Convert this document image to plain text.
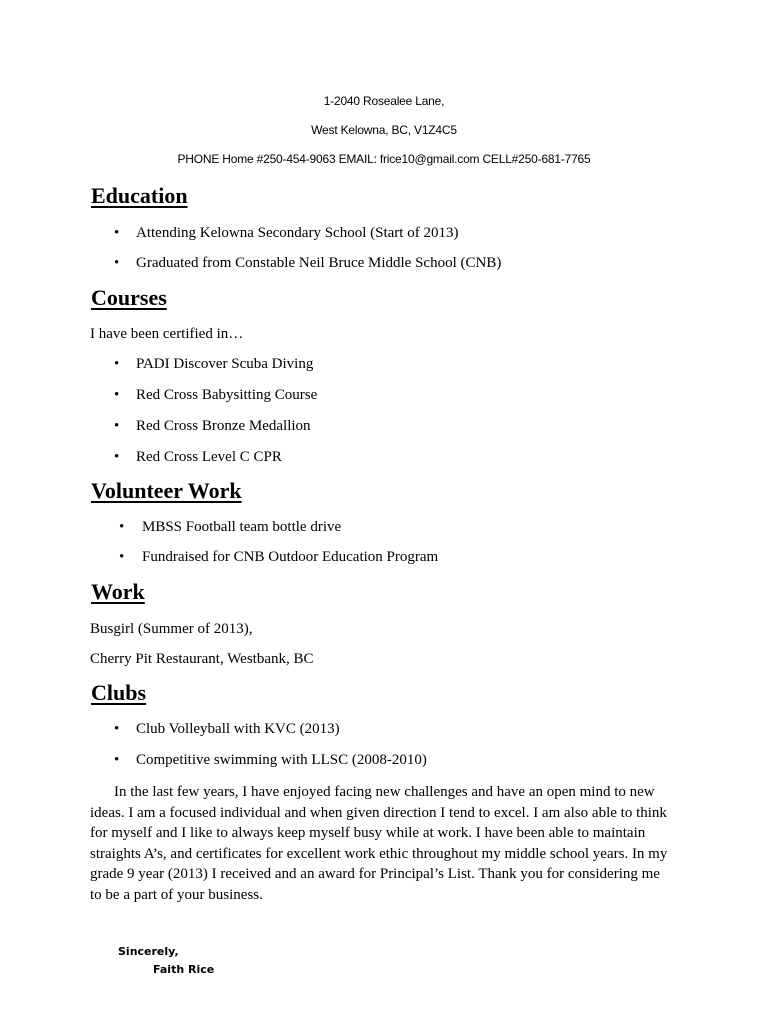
1-2040 Rosealee Lane,
West Kelowna, BC, V1Z4C5
PHONE Home #250-454-9063 EMAIL: frice10@gmail.com CELL#250-681-7765
Education
• Attending Kelowna Secondary School (Start of 2013)
• Graduated from Constable Neil Bruce Middle School (CNB)
Courses
I have been certified in…
• PADI Discover Scuba Diving
• Red Cross Babysitting Course
• Red Cross Bronze Medallion
• Red Cross Level C CPR
Volunteer Work
• MBSS Football team bottle drive
• Fundraised for CNB Outdoor Education Program
Work
Busgirl (Summer of 2013),
Cherry Pit Restaurant, Westbank, BC
Clubs
• Club Volleyball with KVC (2013)
• Competitive swimming with LLSC (2008-2010)

In the last few years, I have enjoyed facing new challenges and have an open mind to new
ideas. I am a focused individual and when given direction I tend to excel. I am also able to think
for myself and I like to always keep myself busy while at work. I have been able to maintain
straights A’s, and certificates for excellent work ethic throughout my middle school years. In my
grade 9 year (2013) I received and an award for Principal’s List. Thank you for considering me
to be a part of your business.

Sincerely,
Faith Rice
